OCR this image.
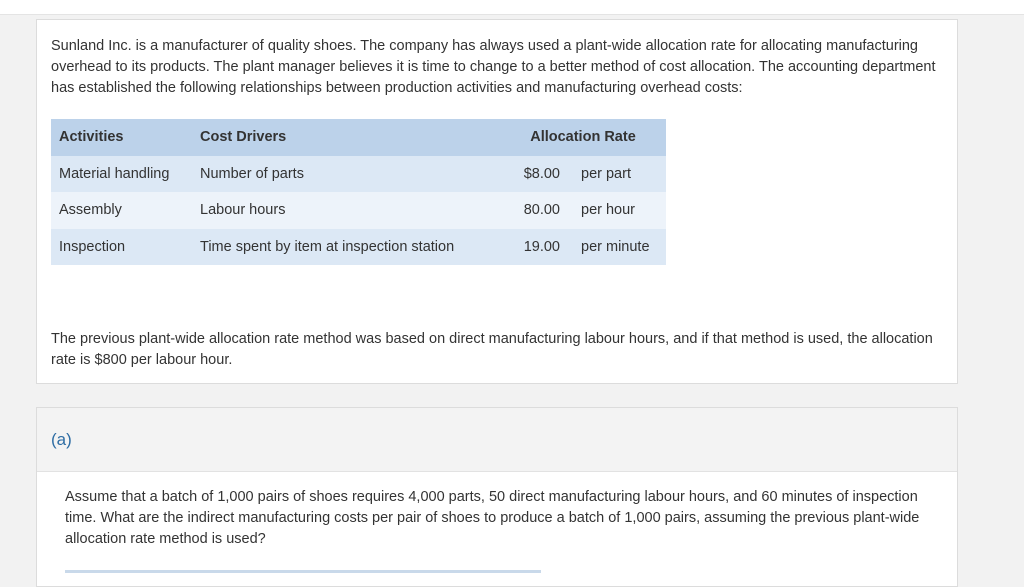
Sunland Inc. is a manufacturer of quality shoes. The company has always used a plant-wide allocation rate for allocating manufacturing overhead to its products. The plant manager believes it is time to change to a better method of cost allocation. The accounting department has established the following relationships between production activities and manufacturing overhead costs:

Activities	Cost Drivers	Allocation Rate	
Material handling	Number of parts	$8.00	per part
Assembly	Labour hours	80.00	per hour
Inspection	Time spent by item at inspection station	19.00	per minute

The previous plant-wide allocation rate method was based on direct manufacturing labour hours, and if that method is used, the allocation rate is $800 per labour hour.

(a)

Assume that a batch of 1,000 pairs of shoes requires 4,000 parts, 50 direct manufacturing labour hours, and 60 minutes of inspection time. What are the indirect manufacturing costs per pair of shoes to produce a batch of 1,000 pairs, assuming the previous plant-wide allocation rate method is used?
